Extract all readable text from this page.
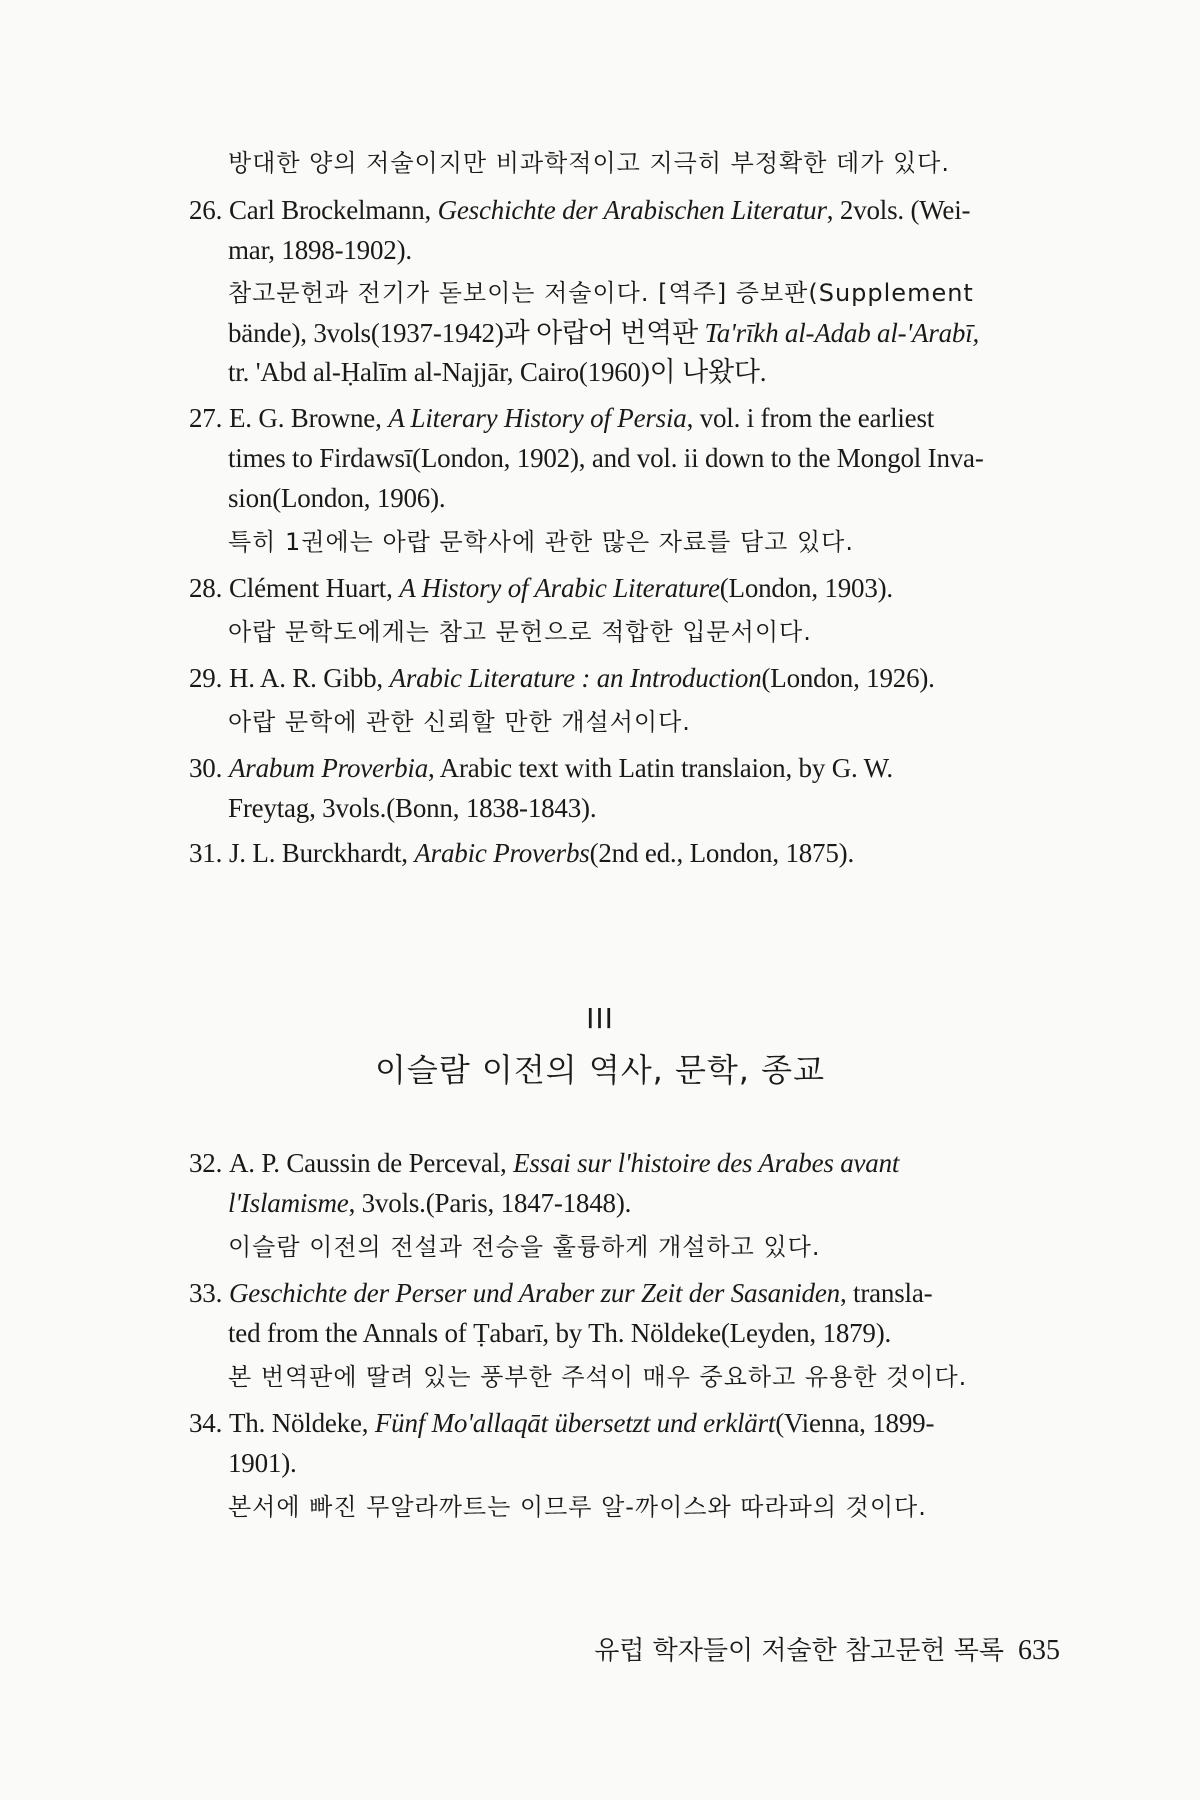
방대한 양의 저술이지만 비과학적이고 지극히 부정확한 데가 있다.
26. Carl Brockelmann, Geschichte der Arabischen Literatur, 2vols. (Wei-
mar, 1898-1902).
참고문헌과 전기가 돋보이는 저술이다. [역주] 증보판(Supplement
bände), 3vols(1937-1942)과 아랍어 번역판 Ta'rīkh al-Adab al-'Arabī,
tr. 'Abd al-Ḥalīm al-Najjār, Cairo(1960)이 나왔다.
27. E. G. Browne, A Literary History of Persia, vol. i from the earliest
times to Firdawsī(London, 1902), and vol. ii down to the Mongol Inva-
sion(London, 1906).
특히 1권에는 아랍 문학사에 관한 많은 자료를 담고 있다.
28. Clément Huart, A History of Arabic Literature(London, 1903).
아랍 문학도에게는 참고 문헌으로 적합한 입문서이다.
29. H. A. R. Gibb, Arabic Literature : an Introduction(London, 1926).
아랍 문학에 관한 신뢰할 만한 개설서이다.
30. Arabum Proverbia, Arabic text with Latin translaion, by G. W.
Freytag, 3vols.(Bonn, 1838-1843).
31. J. L. Burckhardt, Arabic Proverbs(2nd ed., London, 1875).
III
이슬람 이전의 역사, 문학, 종교
32. A. P. Caussin de Perceval, Essai sur l'histoire des Arabes avant
l'Islamisme, 3vols.(Paris, 1847-1848).
이슬람 이전의 전설과 전승을 훌륭하게 개설하고 있다.
33. Geschichte der Perser und Araber zur Zeit der Sasaniden, transla-
ted from the Annals of Ṭabarī, by Th. Nöldeke(Leyden, 1879).
본 번역판에 딸려 있는 풍부한 주석이 매우 중요하고 유용한 것이다.
34. Th. Nöldeke, Fünf Mo'allaqāt übersetzt und erklärt(Vienna, 1899-
1901).
본서에 빠진 무알라까트는 이므루 알-까이스와 따라파의 것이다.
유럽 학자들이 저술한 참고문헌 목록 635
